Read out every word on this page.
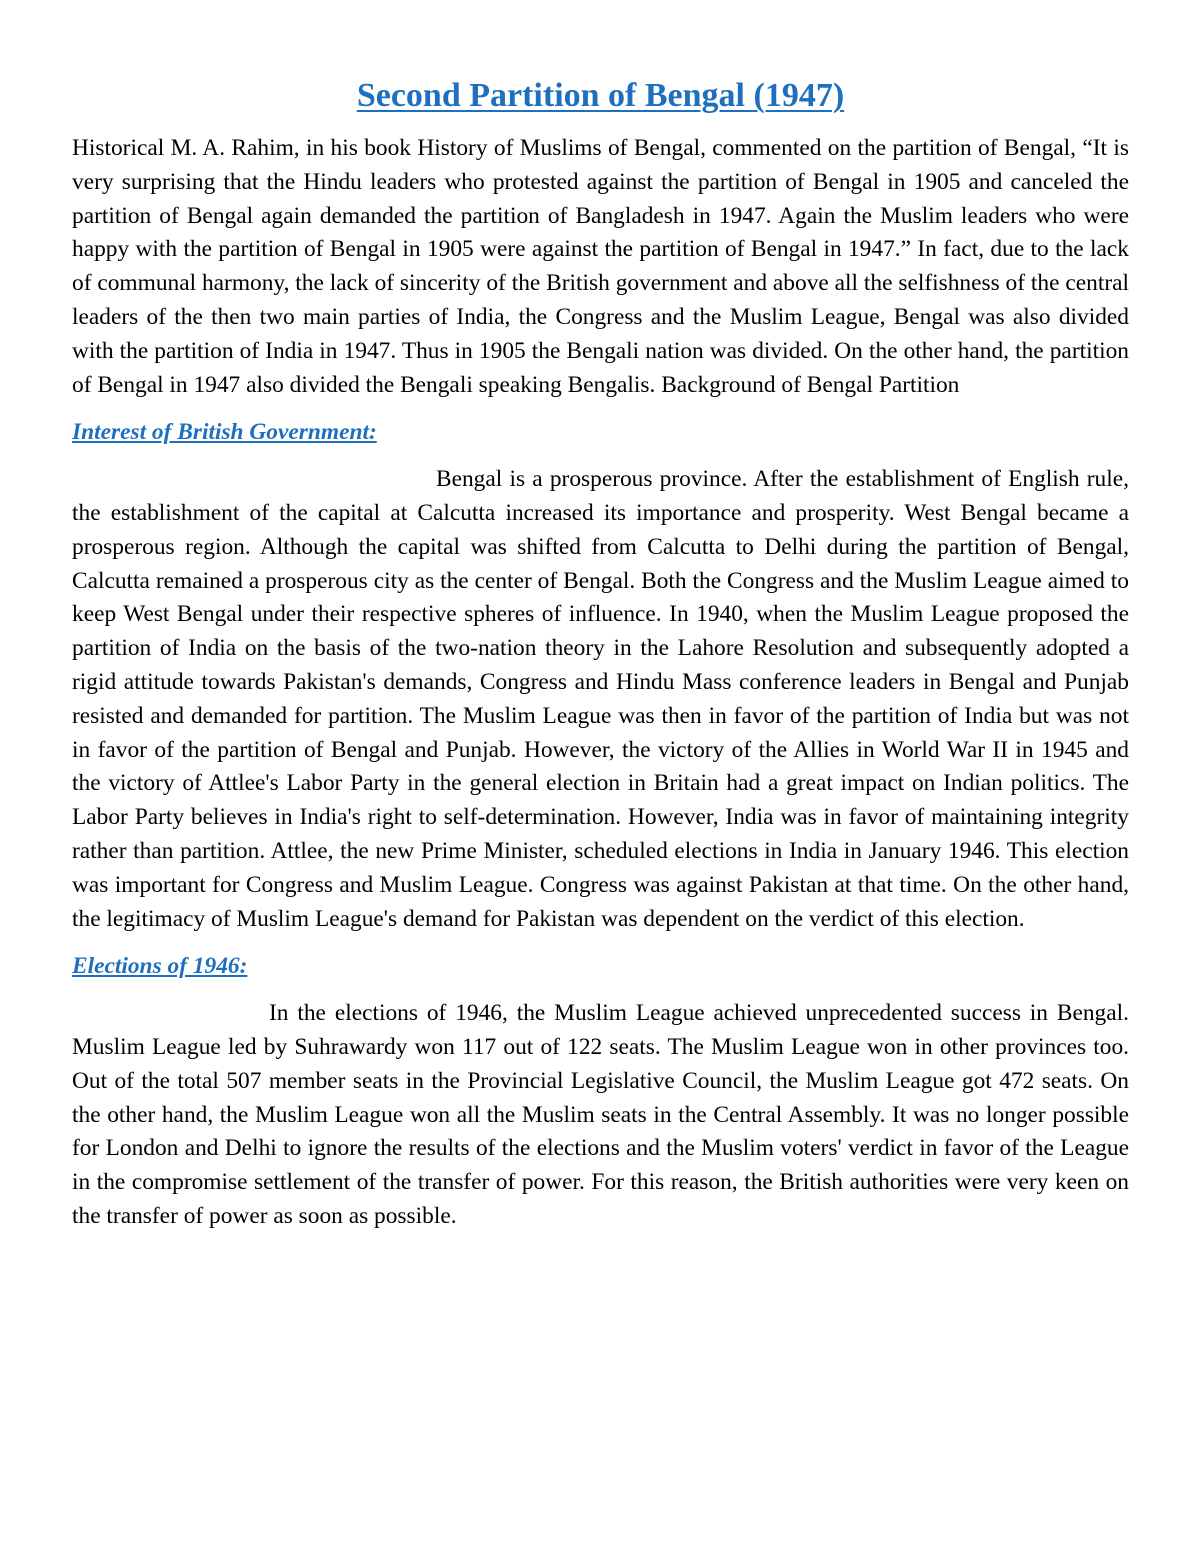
Second Partition of Bengal (1947)

Historical M. A. Rahim, in his book History of Muslims of Bengal, commented on the partition of Bengal, “It is very surprising that the Hindu leaders who protested against the partition of Bengal in 1905 and canceled the partition of Bengal again demanded the partition of Bangladesh in 1947. Again the Muslim leaders who were happy with the partition of Bengal in 1905 were against the partition of Bengal in 1947.” In fact, due to the lack of communal harmony, the lack of sincerity of the British government and above all the selfishness of the central leaders of the then two main parties of India, the Congress and the Muslim League, Bengal was also divided with the partition of India in 1947. Thus in 1905 the Bengali nation was divided. On the other hand, the partition of Bengal in 1947 also divided the Bengali speaking Bengalis. Background of Bengal Partition

Interest of British Government:

Bengal is a prosperous province. After the establishment of English rule, the establishment of the capital at Calcutta increased its importance and prosperity. West Bengal became a prosperous region. Although the capital was shifted from Calcutta to Delhi during the partition of Bengal, Calcutta remained a prosperous city as the center of Bengal. Both the Congress and the Muslim League aimed to keep West Bengal under their respective spheres of influence. In 1940, when the Muslim League proposed the partition of India on the basis of the two-nation theory in the Lahore Resolution and subsequently adopted a rigid attitude towards Pakistan's demands, Congress and Hindu Mass conference leaders in Bengal and Punjab resisted and demanded for partition. The Muslim League was then in favor of the partition of India but was not in favor of the partition of Bengal and Punjab. However, the victory of the Allies in World War II in 1945 and the victory of Attlee's Labor Party in the general election in Britain had a great impact on Indian politics. The Labor Party believes in India's right to self-determination. However, India was in favor of maintaining integrity rather than partition. Attlee, the new Prime Minister, scheduled elections in India in January 1946. This election was important for Congress and Muslim League. Congress was against Pakistan at that time. On the other hand, the legitimacy of Muslim League's demand for Pakistan was dependent on the verdict of this election.

Elections of 1946:

In the elections of 1946, the Muslim League achieved unprecedented success in Bengal. Muslim League led by Suhrawardy won 117 out of 122 seats. The Muslim League won in other provinces too. Out of the total 507 member seats in the Provincial Legislative Council, the Muslim League got 472 seats. On the other hand, the Muslim League won all the Muslim seats in the Central Assembly. It was no longer possible for London and Delhi to ignore the results of the elections and the Muslim voters' verdict in favor of the League in the compromise settlement of the transfer of power. For this reason, the British authorities were very keen on the transfer of power as soon as possible.
